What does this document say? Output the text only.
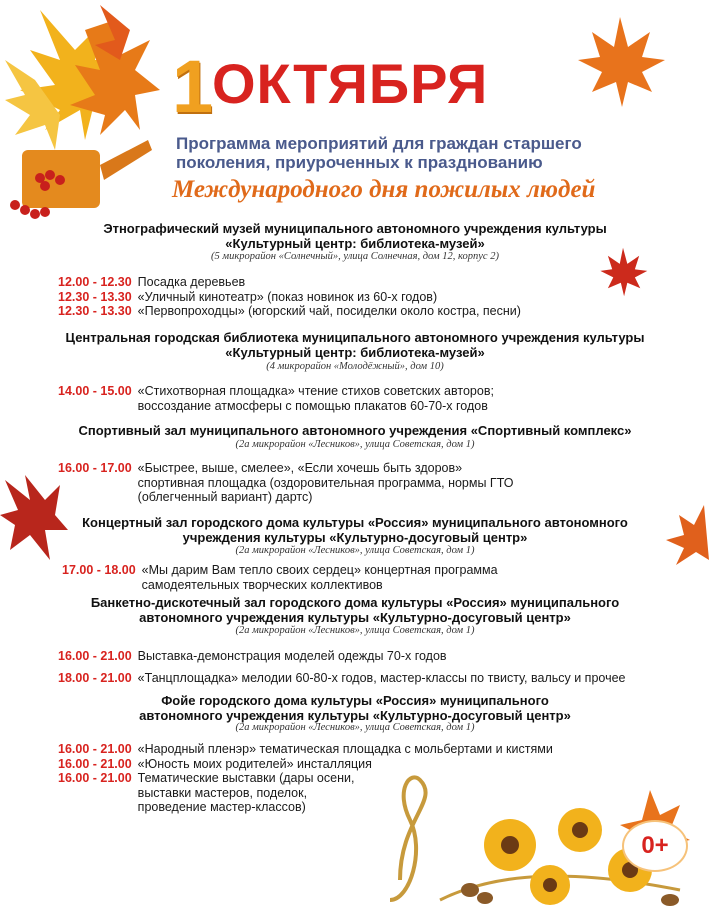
1
ОКТЯБРЯ
Программа мероприятий для граждан старшего
поколения, приуроченных к празднованию
Международного дня пожилых людей
Этнографический музей муниципального автономного учреждения культуры
«Культурный центр: библиотека-музей»
(5 микрорайон «Солнечный», улица Солнечная, дом 12, корпус 2)
12.00 - 12.30 Посадка деревьев
12.30 - 13.30 «Уличный кинотеатр» (показ новинок из 60-х годов)
12.30 - 13.30 «Первопроходцы» (югорский чай, посиделки около костра, песни)
Центральная городская библиотека муниципального автономного учреждения культуры
«Культурный центр: библиотека-музей»
(4 микрорайон «Молодёжный», дом 10)
14.00 - 15.00 «Стихотворная площадка» чтение стихов советских авторов;
воссоздание атмосферы с помощью плакатов 60-70-х годов
Спортивный зал муниципального автономного учреждения «Спортивный комплекс»
(2а микрорайон «Лесников», улица Советская, дом 1)
16.00 - 17.00 «Быстрее, выше, смелее», «Если хочешь быть здоров»
спортивная площадка (оздоровительная программа, нормы ГТО
(облегченный вариант) дартс)
Концертный зал городского дома культуры «Россия» муниципального автономного
учреждения культуры «Культурно-досуговый центр»
(2а микрорайон «Лесников», улица Советская, дом 1)
17.00 - 18.00 «Мы дарим Вам тепло своих сердец» концертная программа
самодеятельных творческих коллективов
Банкетно-дискотечный зал городского дома культуры «Россия» муниципального
автономного учреждения культуры «Культурно-досуговый центр»
(2а микрорайон «Лесников», улица Советская, дом 1)
16.00 - 21.00 Выставка-демонстрация моделей одежды 70-х годов
18.00 - 21.00 «Танцплощадка» мелодии 60-80-х годов, мастер-классы по твисту, вальсу и прочее
Фойе городского дома культуры «Россия» муниципального
автономного учреждения культуры «Культурно-досуговый центр»
(2а микрорайон «Лесников», улица Советская, дом 1)
16.00 - 21.00 «Народный пленэр» тематическая площадка с мольбертами и кистями
16.00 - 21.00 «Юность моих родителей» инсталляция
16.00 - 21.00 Тематические выставки (дары осени,
выставки мастеров, поделок,
проведение мастер-классов)
0+
